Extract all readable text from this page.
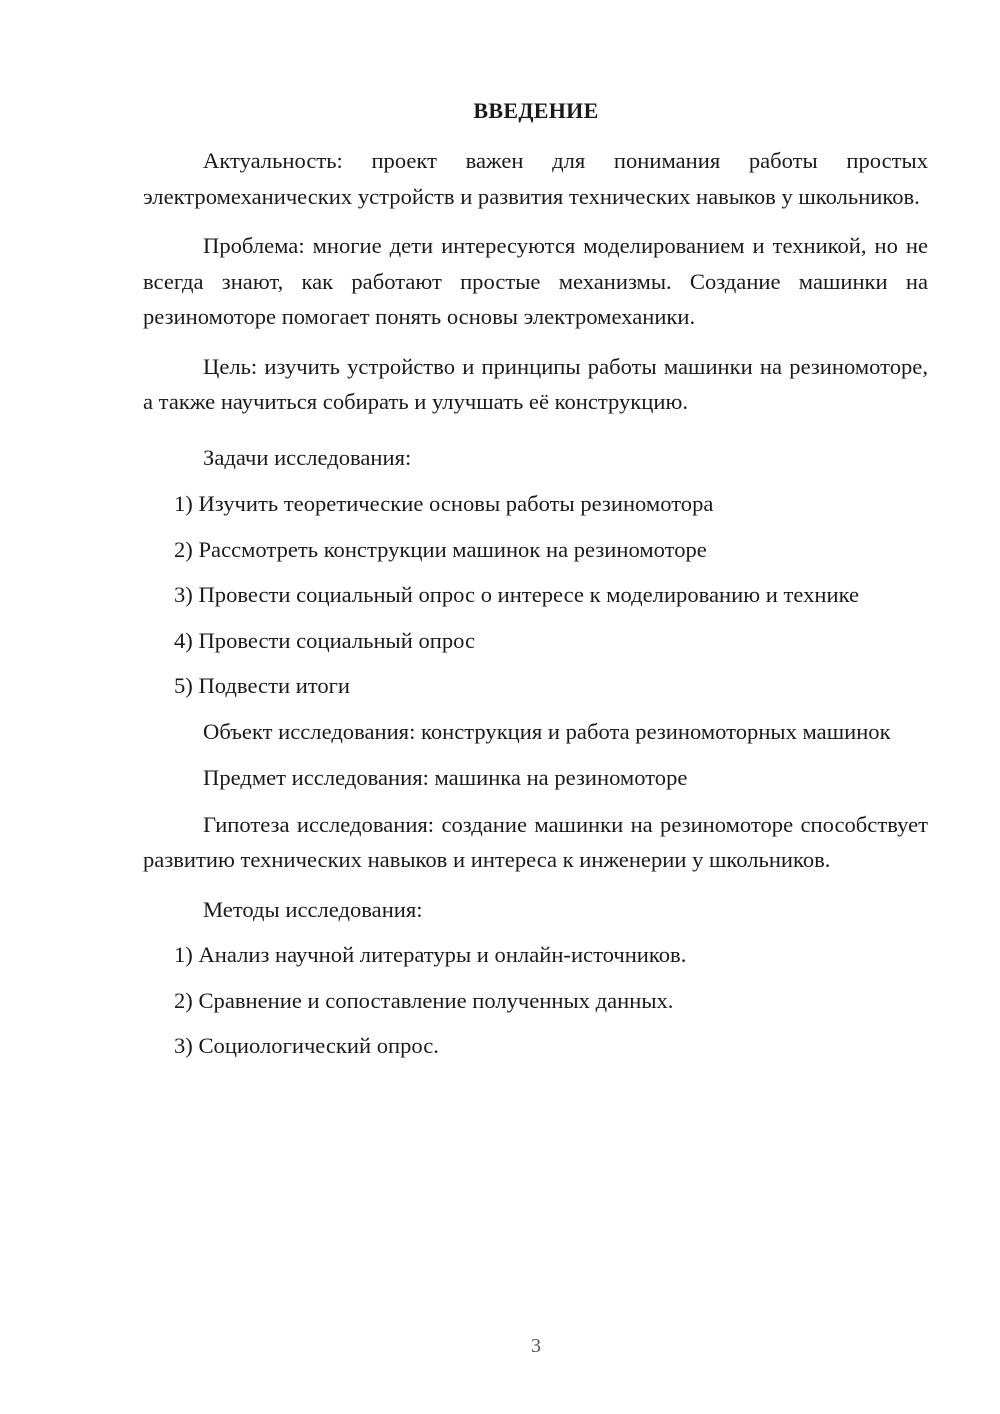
ВВЕДЕНИЕ

Актуальность: проект важен для понимания работы простых электромеханических устройств и развития технических навыков у школьников.

Проблема: многие дети интересуются моделированием и техникой, но не всегда знают, как работают простые механизмы. Создание машинки на резиномоторе помогает понять основы электромеханики.

Цель: изучить устройство и принципы работы машинки на резиномоторе, а также научиться собирать и улучшать её конструкцию.

Задачи исследования:

1) Изучить теоретические основы работы резиномотора

2) Рассмотреть конструкции машинок на резиномоторе

3) Провести социальный опрос о интересе к моделированию и технике

4) Провести социальный опрос

5) Подвести итоги

Объект исследования: конструкция и работа резиномоторных машинок

Предмет исследования: машинка на резиномоторе

Гипотеза исследования: создание машинки на резиномоторе способствует развитию технических навыков и интереса к инженерии у школьников.

Методы исследования:

1) Анализ научной литературы и онлайн-источников.

2) Сравнение и сопоставление полученных данных.

3) Социологический опрос.

3
